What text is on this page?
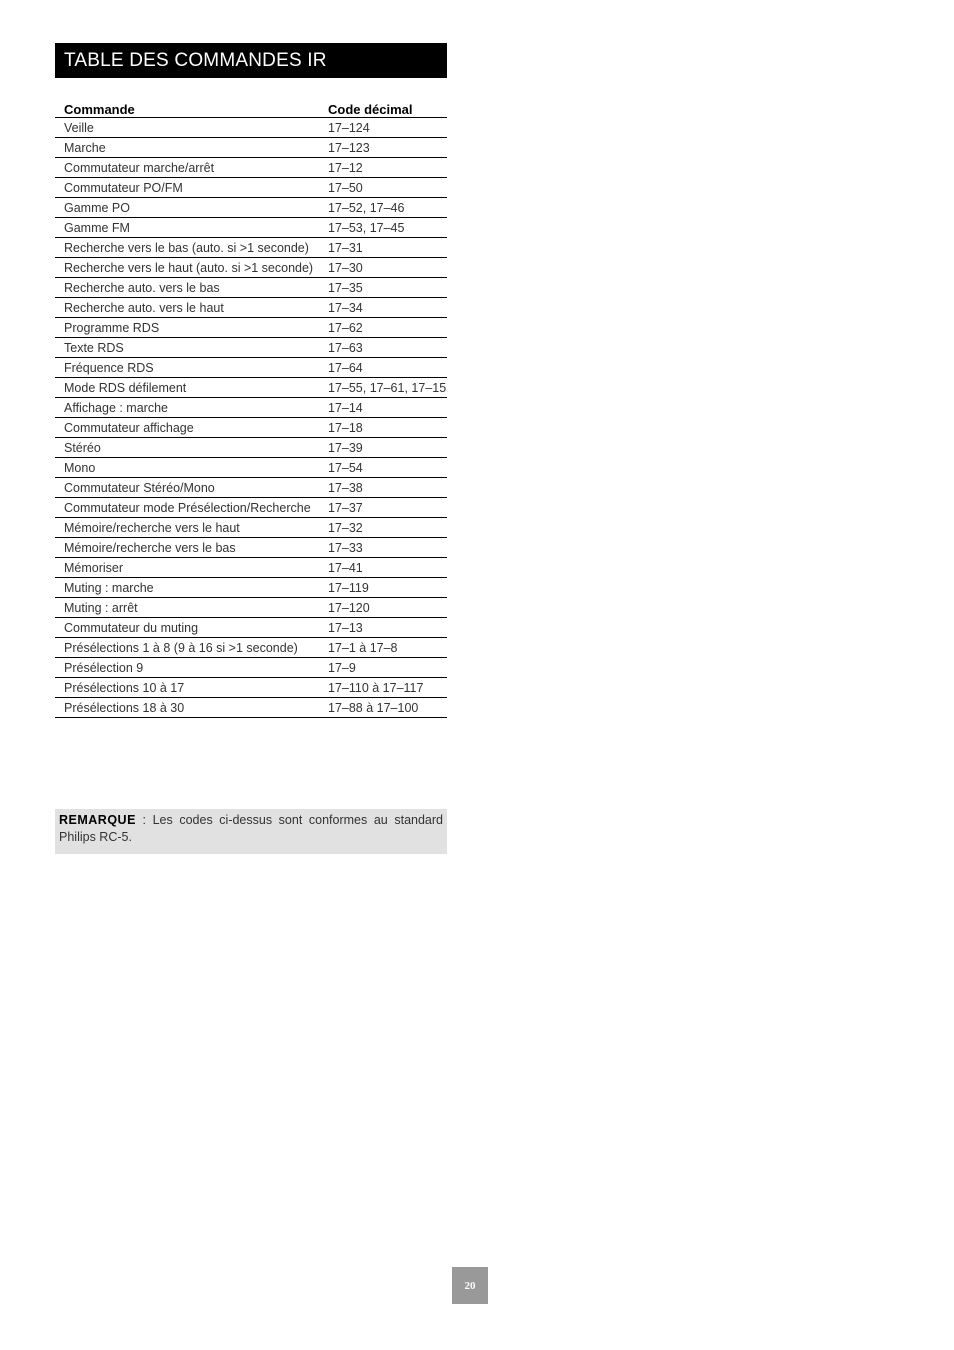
TABLE DES COMMANDES IR
Commande	Code décimal
Veille	17–124
Marche	17–123
Commutateur marche/arrêt	17–12
Commutateur PO/FM	17–50
Gamme PO	17–52, 17–46
Gamme FM	17–53, 17–45
Recherche vers le bas (auto. si >1 seconde)	17–31
Recherche vers le haut (auto. si >1 seconde)	17–30
Recherche auto. vers le bas	17–35
Recherche auto. vers le haut	17–34
Programme RDS	17–62
Texte RDS	17–63
Fréquence RDS	17–64
Mode RDS défilement	17–55, 17–61, 17–15
Affichage : marche	17–14
Commutateur affichage	17–18
Stéréo	17–39
Mono	17–54
Commutateur Stéréo/Mono	17–38
Commutateur mode Présélection/Recherche	17–37
Mémoire/recherche vers le haut	17–32
Mémoire/recherche vers le bas	17–33
Mémoriser	17–41
Muting : marche	17–119
Muting : arrêt	17–120
Commutateur du muting	17–13
Présélections 1 à 8 (9 à 16 si >1 seconde)	17–1 à 17–8
Présélection 9	17–9
Présélections 10 à 17	17–110 à 17–117
Présélections 18 à 30	17–88 à 17–100
REMARQUE : Les codes ci-dessus sont conformes au standard Philips RC-5.
20
